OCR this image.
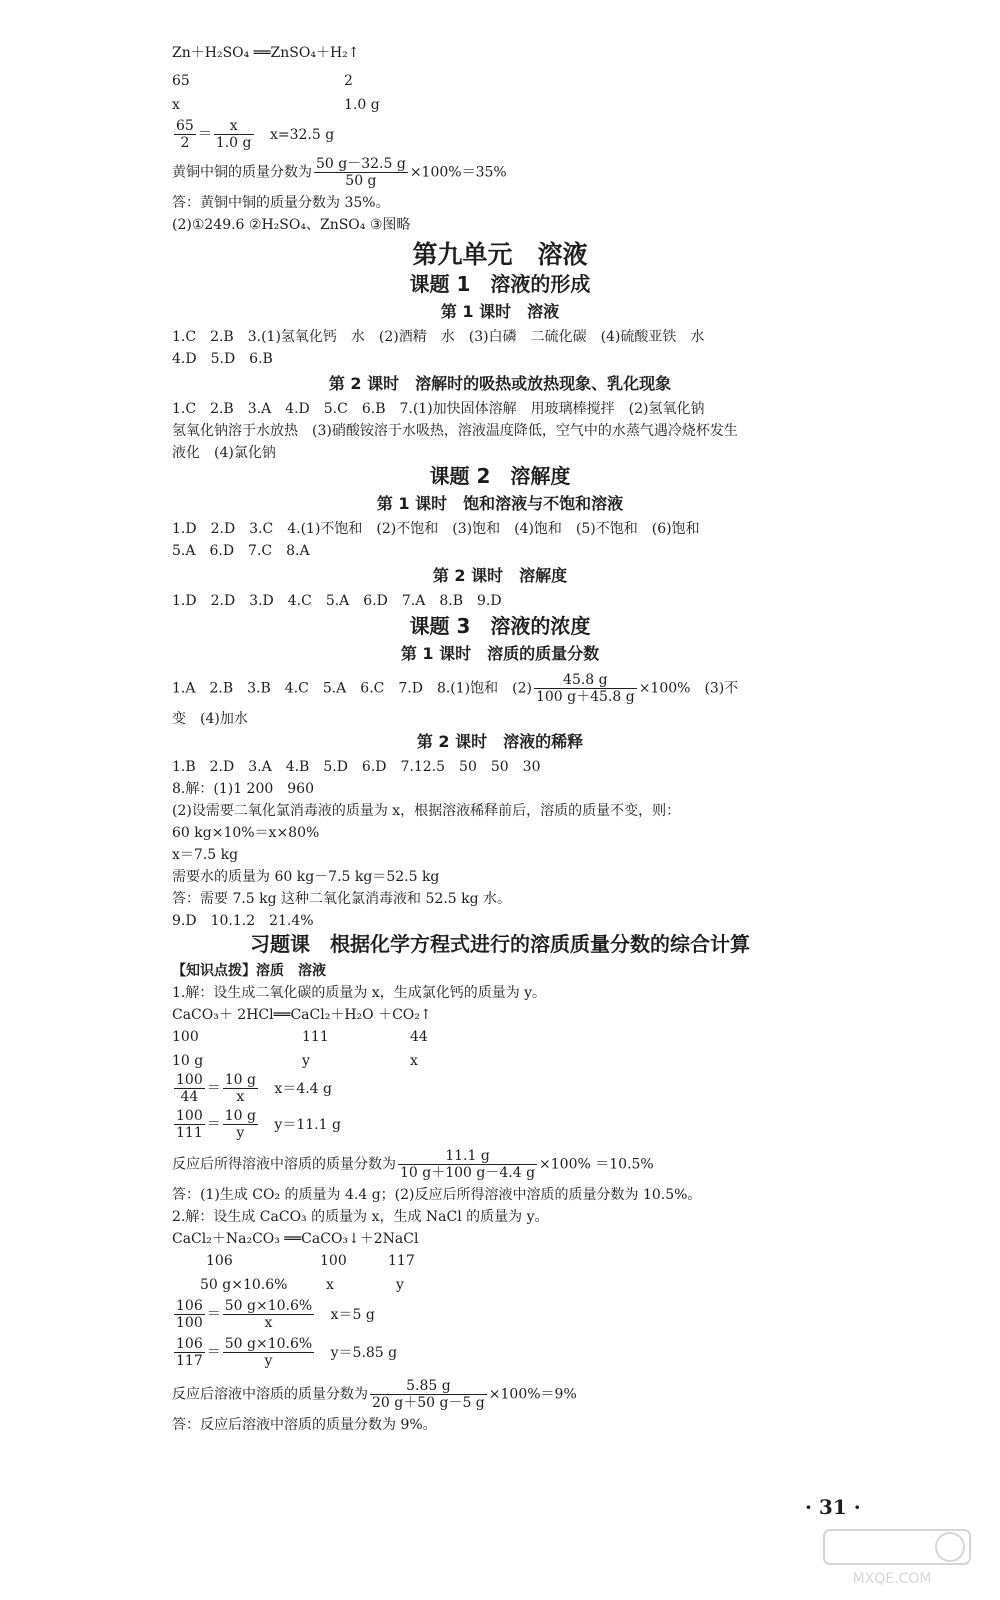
Zn＋H₂SO₄ ══ZnSO₄＋H₂↑
65	2
x	1.0 g
$\frac{65}{2} = \frac{x}{1.0 g} x=32.5$ g
黄铜中铜的质量分数为 $\frac{50 g-32.5 g}{50 g} \times 100\%=35\%$
答：黄铜中铜的质量分数为 35%。
(2)①249.6 ②H₂SO₄、ZnSO₄ ③图略
第九单元　溶液
课题 1　溶液的形成
第 1 课时　溶液
1.C　2.B　3.(1)氢氧化钙　水　(2)酒精　水　(3)白磷　二硫化碳　(4)硫酸亚铁　水
4.D　5.D　6.B
第 2 课时　溶解时的吸热或放热现象、乳化现象
1.C　2.B　3.A　4.D　5.C　6.B　7.(1)加快固体溶解　用玻璃棒搅拌　(2)氢氧化钠
氢氧化钠溶于水放热　(3)硝酸铵溶于水吸热，溶液温度降低，空气中的水蒸气遇冷烧杯发生
液化　(4)氯化钠
课题 2　溶解度
第 1 课时　饱和溶液与不饱和溶液
1.D　2.D　3.C　4.(1)不饱和　(2)不饱和　(3)饱和　(4)饱和　(5)不饱和　(6)饱和
5.A　6.D　7.C　8.A
第 2 课时　溶解度
1.D　2.D　3.D　4.C　5.A　6.D　7.A　8.B　9.D
课题 3　溶液的浓度
第 1 课时　溶质的质量分数
1.A　2.B　3.B　4.C　5.A　6.C　7.D　8.(1)饱和　$(2) \frac{45.8 g}{100 g+45.8 g} \times 100\%$　(3)不
变　(4)加水
第 2 课时　溶液的稀释
1.B　2.D　3.A　4.B　5.D　6.D　7.12.5　50　50　30
8.解：(1)1 200　960
(2)设需要二氧化氯消毒液的质量为 x，根据溶液稀释前后，溶质的质量不变，则：
60 kg×10%＝x×80%
x＝7.5 kg
需要水的质量为 60 kg－7.5 kg＝52.5 kg
答：需要 7.5 kg 这种二氧化氯消毒液和 52.5 kg 水。
9.D　10.1.2　21.4%
习题课　根据化学方程式进行的溶质质量分数的综合计算
【知识点拨】溶质　溶液
1.解：设生成二氧化碳的质量为 x，生成氯化钙的质量为 y。
CaCO₃＋ 2HCl══CaCl₂＋H₂O ＋CO₂↑
100	111	44
10 g	y	x
$\frac{100}{44} = \frac{10 g}{x} x=4.4$ g
$\frac{100}{111} = \frac{10 g}{y} y=11.1$ g
反应后所得溶液中溶质的质量分数为 $\frac{11.1 g}{10 g+100 g-4.4 g} \times 100\% =10.5\%$
答：(1)生成 CO₂ 的质量为 4.4 g；(2)反应后所得溶液中溶质的质量分数为 10.5%。
2.解：设生成 CaCO₃ 的质量为 x，生成 NaCl 的质量为 y。
CaCl₂＋Na₂CO₃ ══CaCO₃↓＋2NaCl
106	100	117
50 g×10.6%	x	y
$\frac{106}{100} = \frac{50 g\times 10.6\%}{x} x=5$ g
$\frac{106}{117} = \frac{50 g\times 10.6\%}{y} y=5.85$ g
反应后溶液中溶质的质量分数为 $\frac{5.85 g}{20 g+50 g-5 g} \times 100\%=9\%$
答：反应后溶液中溶质的质量分数为 9%。
· 31 ·
MXQE.COM
